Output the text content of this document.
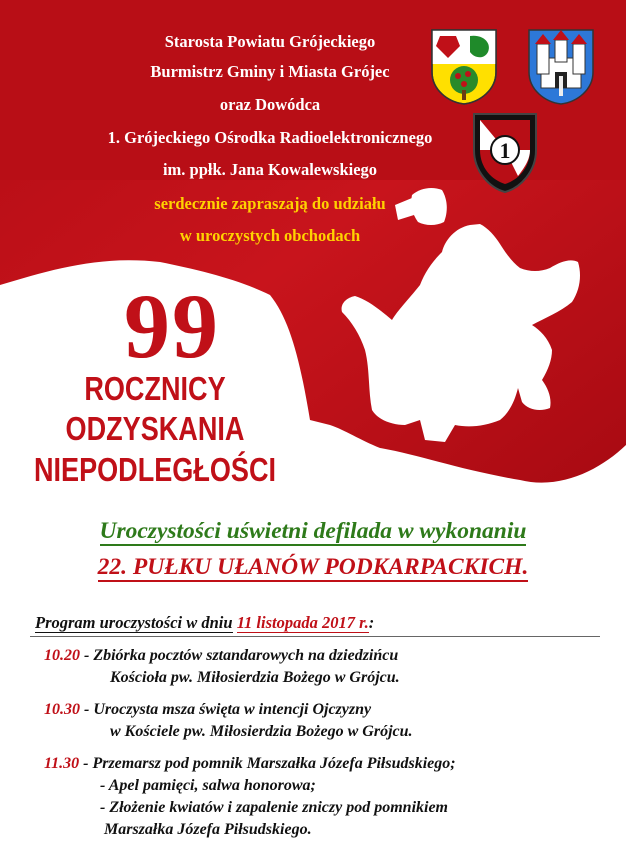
Starosta Powiatu Grójeckiego
Burmistrz Gminy i Miasta Grójec
oraz Dowódca
1. Grójeckiego Ośrodka Radioelektronicznego
im. ppłk. Jana Kowalewskiego
serdecznie zapraszają do udziału
w uroczystych obchodach
1
99
ROCZNICY
ODZYSKANIA
NIEPODLEGŁOŚCI
Uroczystości uświetni defilada w wykonaniu
22. PUŁKU UŁANÓW PODKARPACKICH.
Program uroczystości w dniu 11 listopada 2017 r.:
10.20 - Zbiórka pocztów sztandarowych na dziedzińcu
Kościoła pw. Miłosierdzia Bożego w Grójcu.
10.30 - Uroczysta msza święta w intencji Ojczyzny
w Kościele pw. Miłosierdzia Bożego w Grójcu.
11.30 - Przemarsz pod pomnik Marszałka Józefa Piłsudskiego;
- Apel pamięci, salwa honorowa;
- Złożenie kwiatów i zapalenie zniczy pod pomnikiem
Marszałka Józefa Piłsudskiego.
